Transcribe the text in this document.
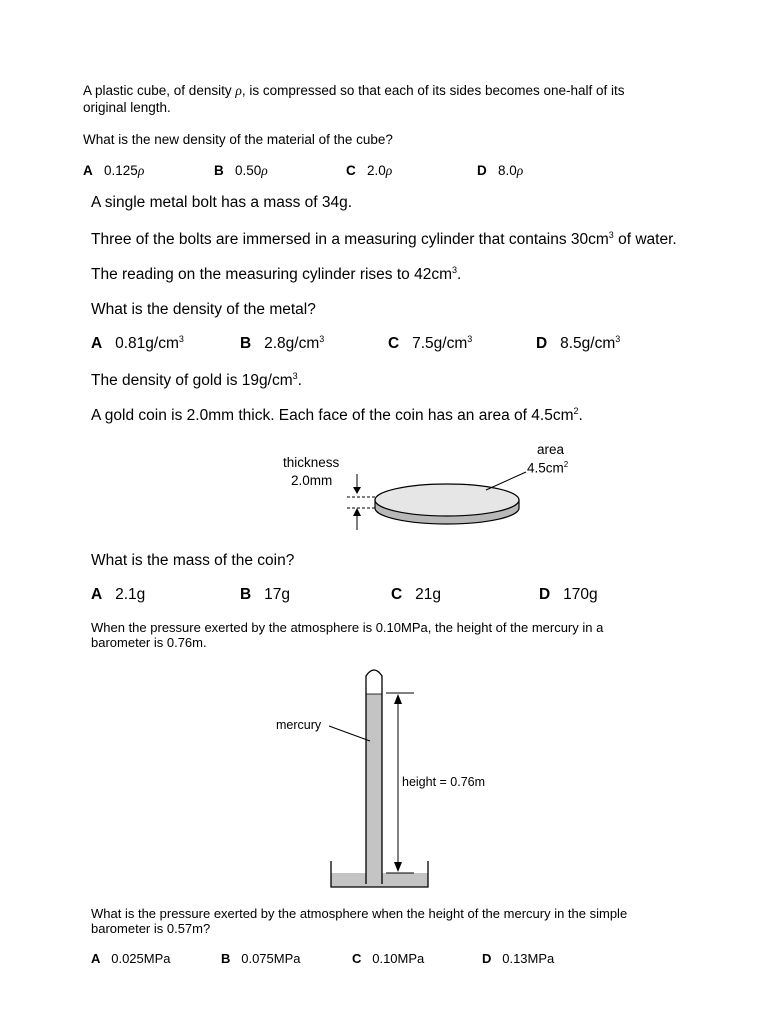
A plastic cube, of density ρ, is compressed so that each of its sides becomes one-half of its
original length.
What is the new density of the material of the cube?
A 0.125ρ	B 0.50ρ	C 2.0ρ	D 8.0ρ
A single metal bolt has a mass of 34g.
Three of the bolts are immersed in a measuring cylinder that contains $30cm^3$ of water.
The reading on the measuring cylinder rises to $42cm^3$.
What is the density of the metal?
A $0.81g/cm^3$	B $2.8g/cm^3$	C $7.5g/cm^3$	D $8.5g/cm^3$
The density of gold is $19g/cm^3$.
A gold coin is 2.0mm thick. Each face of the coin has an area of $4.5cm^2$.
thickness
2.0mm
area
$4.5cm^2$
What is the mass of the coin?
A 2.1g	B 17g	C 21g	D 170g
When the pressure exerted by the atmosphere is 0.10MPa, the height of the mercury in a
barometer is 0.76m.
mercury
height = 0.76m
What is the pressure exerted by the atmosphere when the height of the mercury in the simple
barometer is 0.57m?
A 0.025MPa	B 0.075MPa	C 0.10MPa	D 0.13MPa
